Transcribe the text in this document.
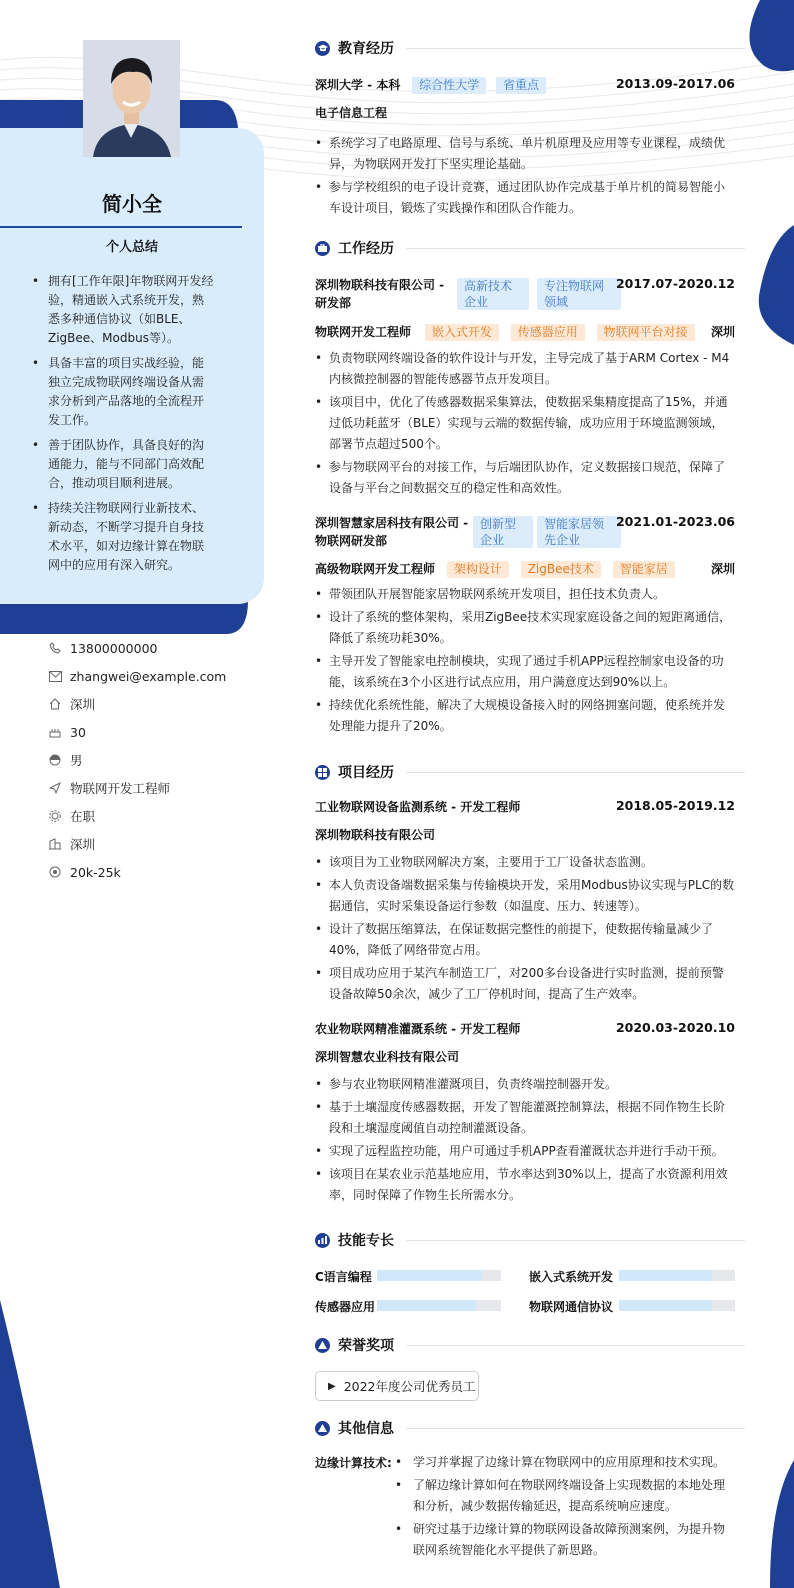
简小全
个人总结
• 拥有[工作年限]年物联网开发经验，精通嵌入式系统开发，熟悉多种通信协议（如BLE、ZigBee、Modbus等）。
• 具备丰富的项目实战经验，能独立完成物联网终端设备从需求分析到产品落地的全流程开发工作。
• 善于团队协作，具备良好的沟通能力，能与不同部门高效配合，推动项目顺利进展。
• 持续关注物联网行业新技术、新动态，不断学习提升自身技术水平，如对边缘计算在物联网中的应用有深入研究。
13800000000
zhangwei@example.com
深圳
30
男
物联网开发工程师
在职
深圳
20k-25k
教育经历
深圳大学 - 本科 综合性大学 省重点	2013.09-2017.06
电子信息工程
• 系统学习了电路原理、信号与系统、单片机原理及应用等专业课程，成绩优异，为物联网开发打下坚实理论基础。
• 参与学校组织的电子设计竞赛，通过团队协作完成基于单片机的简易智能小车设计项目，锻炼了实践操作和团队合作能力。
工作经历
深圳物联科技有限公司 - 研发部
高新技术企业
专注物联网领域
2017.07-2020.12
物联网开发工程师 嵌入式开发 传感器应用 物联网平台对接 深圳
• 负责物联网终端设备的软件设计与开发，主导完成了基于ARM Cortex - M4内核微控制器的智能传感器节点开发项目。
• 该项目中，优化了传感器数据采集算法，使数据采集精度提高了15%，并通过低功耗蓝牙（BLE）实现与云端的数据传输，成功应用于环境监测领域，部署节点超过500个。
• 参与物联网平台的对接工作，与后端团队协作，定义数据接口规范，保障了设备与平台之间数据交互的稳定性和高效性。
深圳智慧家居科技有限公司 - 物联网研发部
创新型企业
智能家居领先企业
2021.01-2023.06
高级物联网开发工程师 架构设计 ZigBee技术 智能家居	深圳
• 带领团队开展智能家居物联网系统开发项目，担任技术负责人。
• 设计了系统的整体架构，采用ZigBee技术实现家庭设备之间的短距离通信，降低了系统功耗30%。
• 主导开发了智能家电控制模块，实现了通过手机APP远程控制家电设备的功能，该系统在3个小区进行试点应用，用户满意度达到90%以上。
• 持续优化系统性能，解决了大规模设备接入时的网络拥塞问题，使系统并发处理能力提升了20%。
项目经历
工业物联网设备监测系统 - 开发工程师	2018.05-2019.12
深圳物联科技有限公司
• 该项目为工业物联网解决方案，主要用于工厂设备状态监测。
• 本人负责设备端数据采集与传输模块开发，采用Modbus协议实现与PLC的数据通信，实时采集设备运行参数（如温度、压力、转速等）。
• 设计了数据压缩算法，在保证数据完整性的前提下，使数据传输量减少了40%，降低了网络带宽占用。
• 项目成功应用于某汽车制造工厂，对200多台设备进行实时监测，提前预警设备故障50余次，减少了工厂停机时间，提高了生产效率。
农业物联网精准灌溉系统 - 开发工程师	2020.03-2020.10
深圳智慧农业科技有限公司
• 参与农业物联网精准灌溉项目，负责终端控制器开发。
• 基于土壤湿度传感器数据，开发了智能灌溉控制算法，根据不同作物生长阶段和土壤湿度阈值自动控制灌溉设备。
• 实现了远程监控功能，用户可通过手机APP查看灌溉状态并进行手动干预。
• 该项目在某农业示范基地应用，节水率达到30%以上，提高了水资源利用效率，同时保障了作物生长所需水分。
技能专长
C语言编程	嵌入式系统开发
传感器应用	物联网通信协议
荣誉奖项
▶ 2022年度公司优秀员工
其他信息
边缘计算技术:
•	学习并掌握了边缘计算在物联网中的应用原理和技术实现。
• 了解边缘计算如何在物联网终端设备上实现数据的本地处理和分析，减少数据传输延迟，提高系统响应速度。
• 研究过基于边缘计算的物联网设备故障预测案例，为提升物联网系统智能化水平提供了新思路。
